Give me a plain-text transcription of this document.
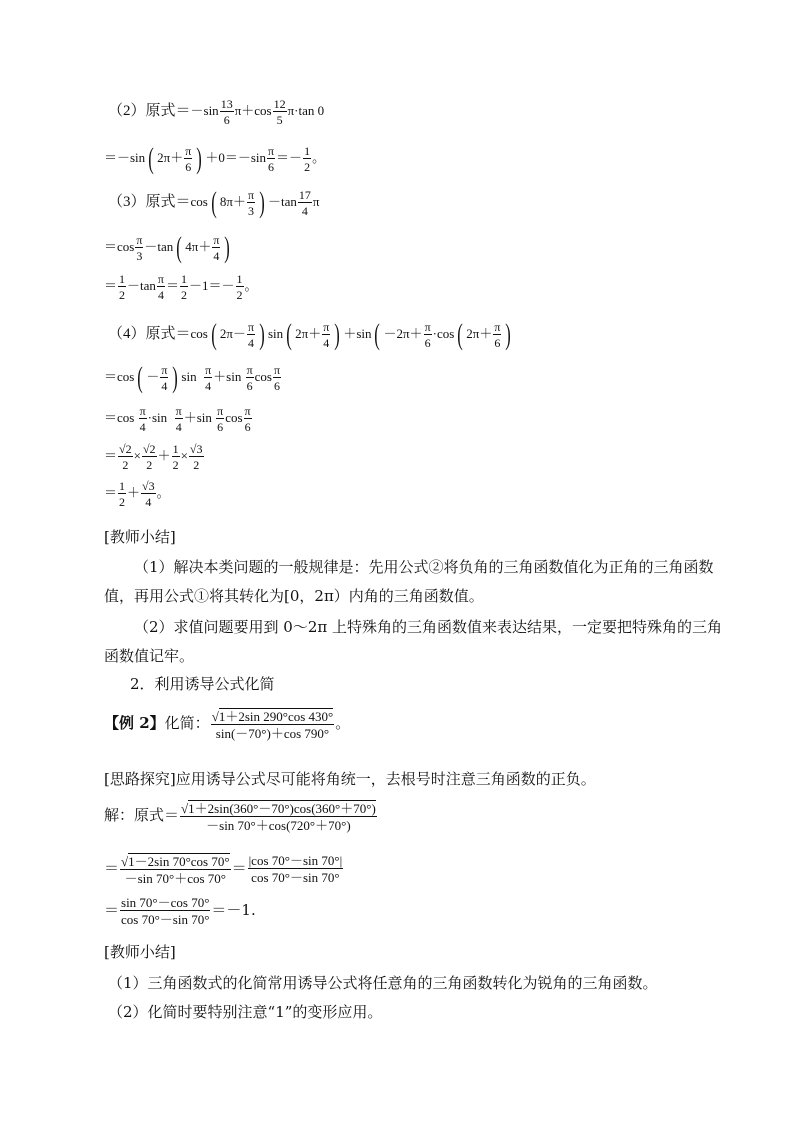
（2）原式$=-\sin \frac{13}{6} \pi+\cos \frac{12}{5} \pi\cdot\tan$ 0
＝－sin ( $2\pi+ \frac{\pi}{6}$ ) $+0=-\sin \frac{\pi}{6} =- \frac{1}{2}$ 。
（3）原式＝cos ( $8\pi+ \frac{\pi}{3}$ ) $-\tan \frac{17}{4}$ π
$=\cos \frac{\pi}{3} -\tan$ ( $4\pi+ \frac{\pi}{4}$ )
＝ $\frac{1}{2} -\tan \frac{\pi}{4} = \frac{1}{2} -1=- \frac{1}{2}$ 。
（4）原式＝cos ( $2\pi- \frac{\pi}{4}$ ) sin ( $2\pi+ \frac{\pi}{4}$ ) ＋sin ( $-2\pi+ \frac{\pi}{6} \cdot\cos$ ( $2\pi+ \frac{\pi}{6}$ )
＝cos ( － $\frac{\pi}{4}$ ) $\sin \frac{\pi}{4} +\sin \frac{\pi}{6}$ $\cos \frac{\pi}{6}$
$=\cos \frac{\pi}{4} \cdot\sin \frac{\pi}{4} +\sin \frac{\pi}{6}$ $\cos \frac{\pi}{6}$
＝ $\frac{√2}{2} \times \frac{√2}{2} + \frac{1}{2} \times \frac{√3}{2}$
＝ $\frac{1}{2} + \frac{√3}{4}$ 。
[教师小结]
（1）解决本类问题的一般规律是：先用公式②将负角的三角函数值化为正角的三角函数值，再用公式①将其转化为[0，2π）内角的三角函数值。
（2）求值问题要用到 0～2π 上特殊角的三角函数值来表达结果，一定要把特殊角的三角函数值记牢。
2．利用诱导公式化简
【例 2】化简： $\frac{√1+2\sin 290^\circ\cos 430^\circ}{\sin(-70^\circ)+\cos 790^\circ}$ 。
[思路探究]应用诱导公式尽可能将角统一，去根号时注意三角函数的正负。
解：原式＝ $\frac{√1+2\sin(360^\circ-70^\circ)\cos(360^\circ+70^\circ)}{-\sin 70^\circ+\cos(720^\circ+70^\circ)}$
＝ $\frac{√1-2\sin 70^\circ\cos 70^\circ}{-\sin 70^\circ+\cos 70^\circ} = \frac{|\cos 70^\circ-\sin 70^\circ|}{\cos 70^\circ-\sin 70^\circ}$
＝ $\frac{\sin 70^\circ-\cos 70^\circ}{\cos 70^\circ-\sin 70^\circ} =-1$.
[教师小结]
（1）三角函数式的化简常用诱导公式将任意角的三角函数转化为锐角的三角函数。
（2）化简时要特别注意“1”的变形应用。
